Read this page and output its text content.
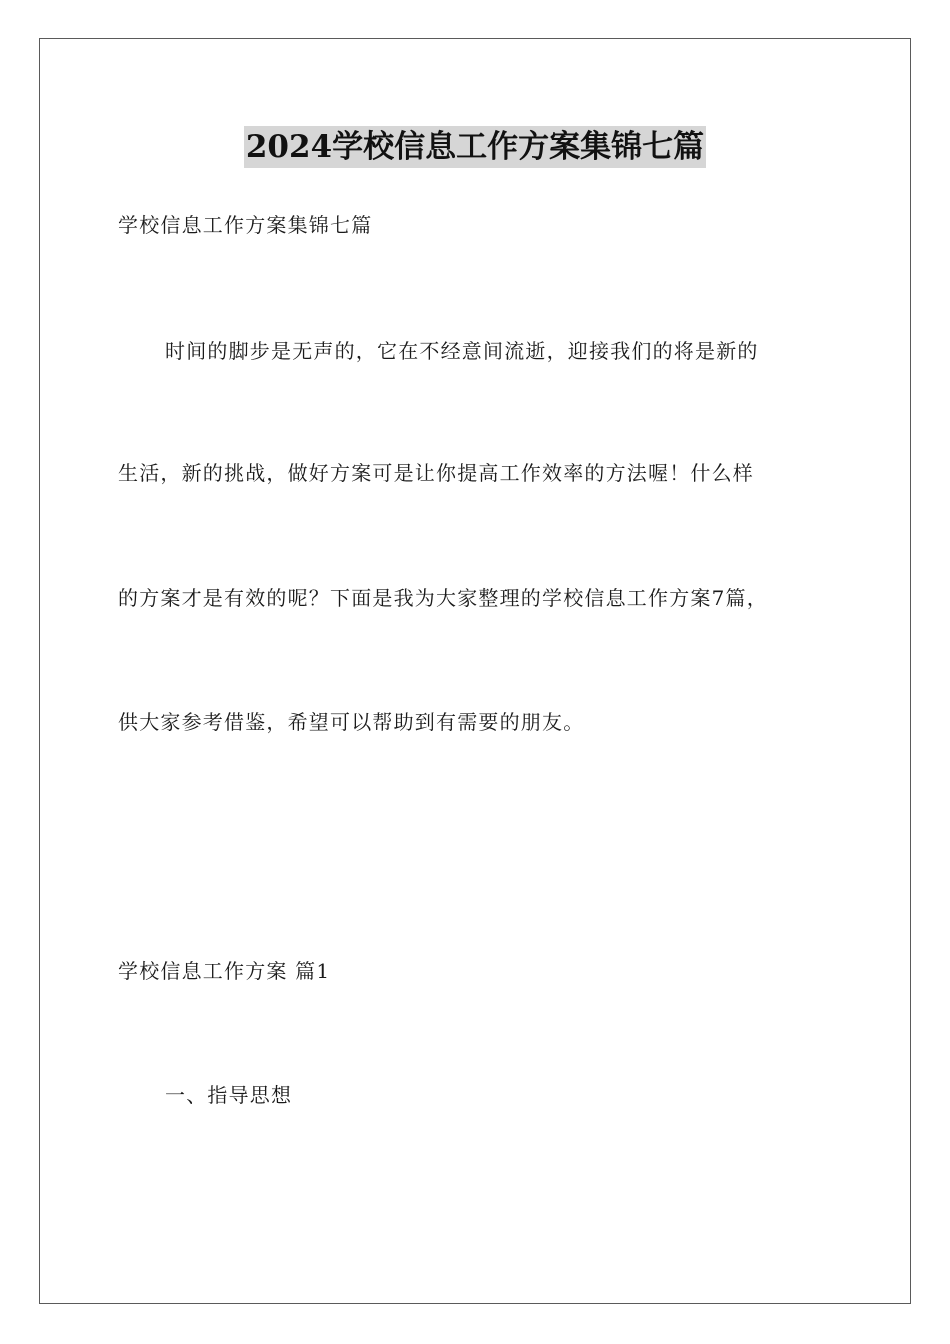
2024学校信息工作方案集锦七篇
学校信息工作方案集锦七篇
时间的脚步是无声的，它在不经意间流逝，迎接我们的将是新的
生活，新的挑战，做好方案可是让你提高工作效率的方法喔！什么样
的方案才是有效的呢？下面是我为大家整理的学校信息工作方案7篇，
供大家参考借鉴，希望可以帮助到有需要的朋友。
学校信息工作方案 篇1
一、指导思想
